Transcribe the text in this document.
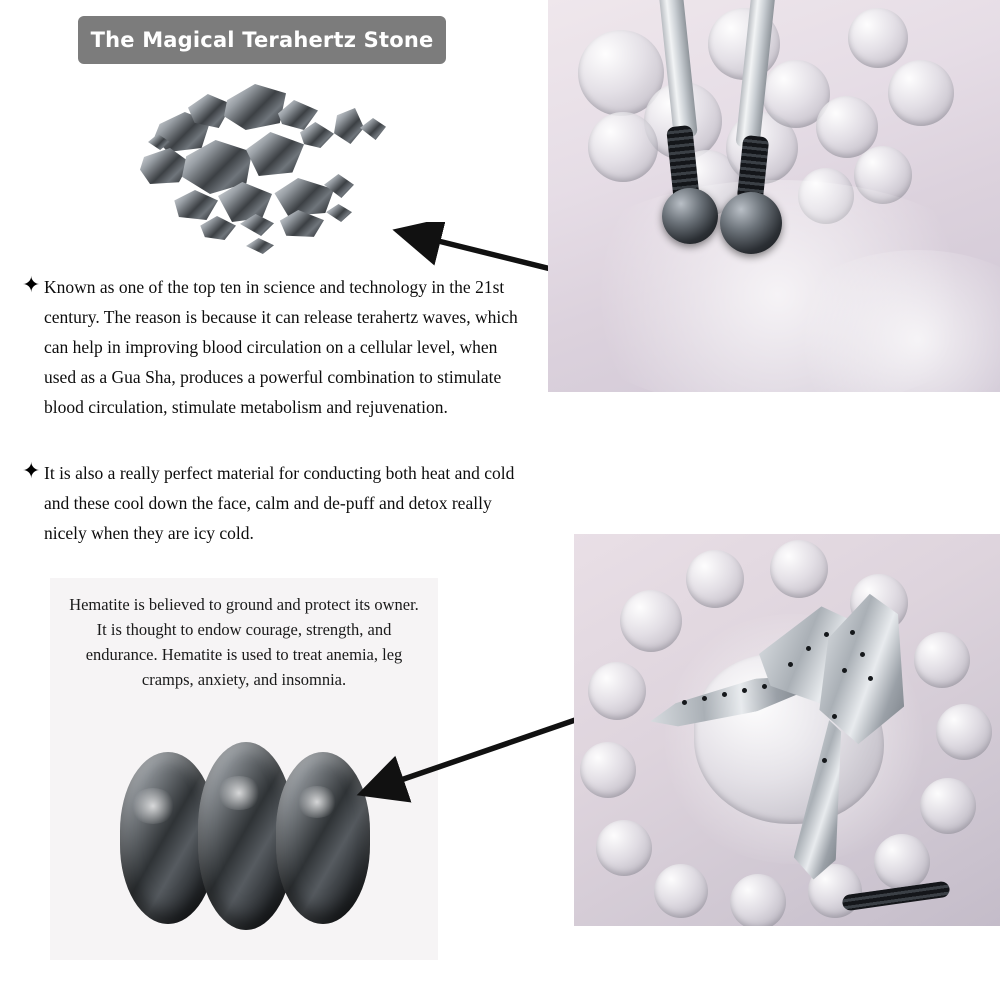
The Magical Terahertz Stone
✦ Known as one of the top ten in science and technology in the 21st century. The reason is because it can release terahertz waves, which can help in improving blood circulation on a cellular level, when used as a Gua Sha, produces a powerful combination to stimulate blood circulation, stimulate metabolism and rejuvenation.
✦ It is also a really perfect material for conducting both heat and cold and these cool down the face, calm and de-puff and detox really nicely when they are icy cold.
Hematite is believed to ground and protect its owner. It is thought to endow courage, strength, and endurance. Hematite is used to treat anemia, leg cramps, anxiety, and insomnia.
